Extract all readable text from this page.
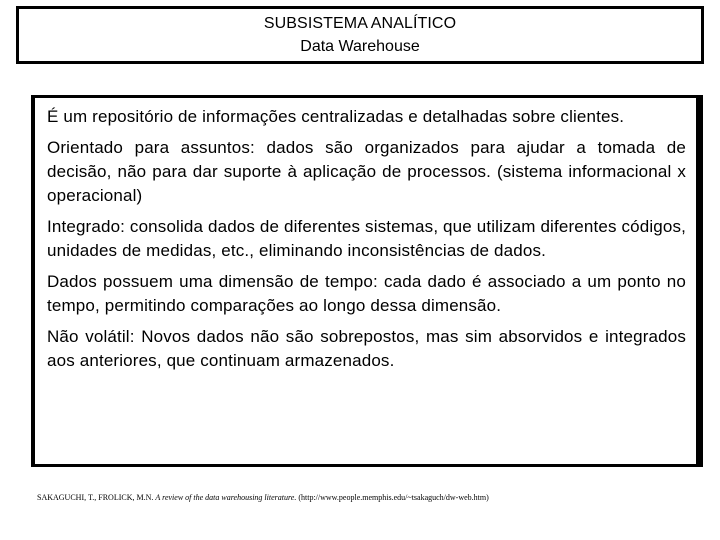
SUBSISTEMA ANALÍTICO
Data Warehouse

É um repositório de informações centralizadas e detalhadas sobre clientes.

Orientado para assuntos: dados são organizados para ajudar a tomada de decisão, não para dar suporte à aplicação de processos. (sistema informacional x operacional)

Integrado: consolida dados de diferentes sistemas, que utilizam diferentes códigos, unidades de medidas, etc., eliminando inconsistências de dados.

Dados possuem uma dimensão de tempo: cada dado é associado a um ponto no tempo, permitindo comparações ao longo dessa dimensão.

Não volátil: Novos dados não são sobrepostos, mas sim absorvidos e integrados aos anteriores, que continuam armazenados.

SAKAGUCHI, T., FROLICK, M.N. A review of the data warehousing literature. (http://www.people.memphis.edu/~tsakaguch/dw-web.htm)
